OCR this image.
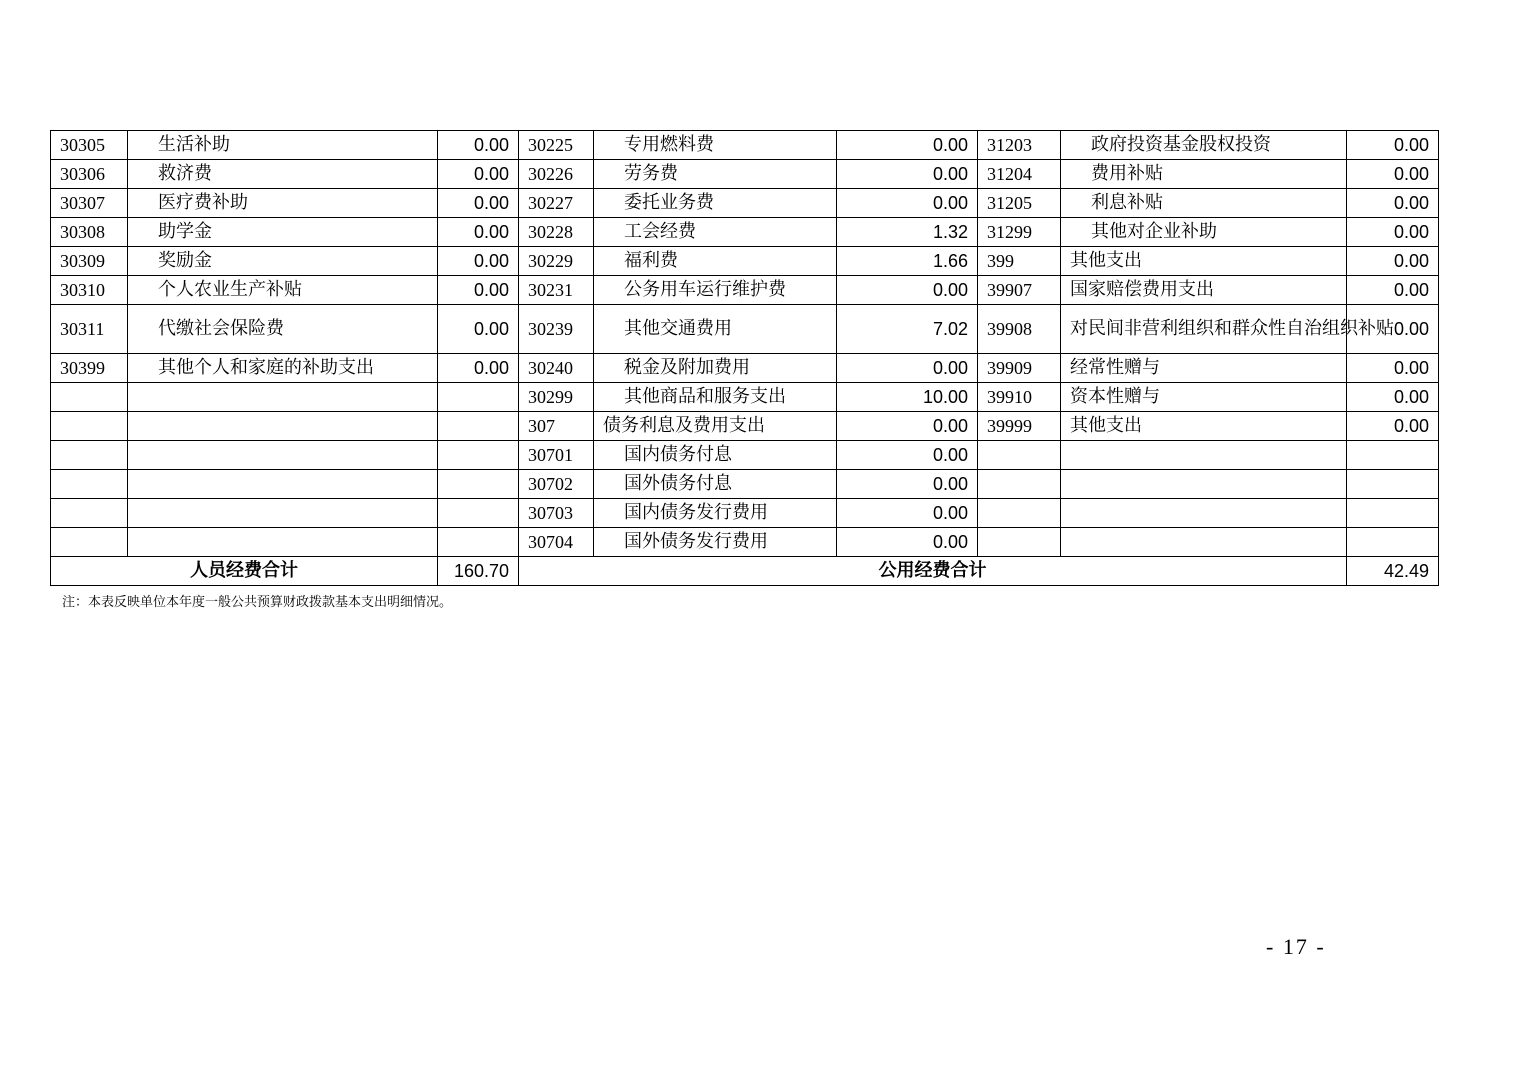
30305	生活补助	0.00	30225	专用燃料费	0.00	31203	政府投资基金股权投资	0.00
30306	救济费	0.00	30226	劳务费	0.00	31204	费用补贴	0.00
30307	医疗费补助	0.00	30227	委托业务费	0.00	31205	利息补贴	0.00
30308	助学金	0.00	30228	工会经费	1.32	31299	其他对企业补助	0.00
30309	奖励金	0.00	30229	福利费	1.66	399	其他支出	0.00
30310	个人农业生产补贴	0.00	30231	公务用车运行维护费	0.00	39907	国家赔偿费用支出	0.00
30311	代缴社会保险费	0.00	30239	其他交通费用	7.02	39908	对民间非营利组织和群众性自治组织补贴	0.00
30399	其他个人和家庭的补助支出	0.00	30240	税金及附加费用	0.00	39909	经常性赠与	0.00
			30299	其他商品和服务支出	10.00	39910	资本性赠与	0.00
			307	债务利息及费用支出	0.00	39999	其他支出	0.00
			30701	国内债务付息	0.00			
			30702	国外债务付息	0.00			
			30703	国内债务发行费用	0.00			
			30704	国外债务发行费用	0.00			
人员经费合计		160.70	公用经费合计					42.49
注：本表反映单位本年度一般公共预算财政拨款基本支出明细情况。
- 17 -
